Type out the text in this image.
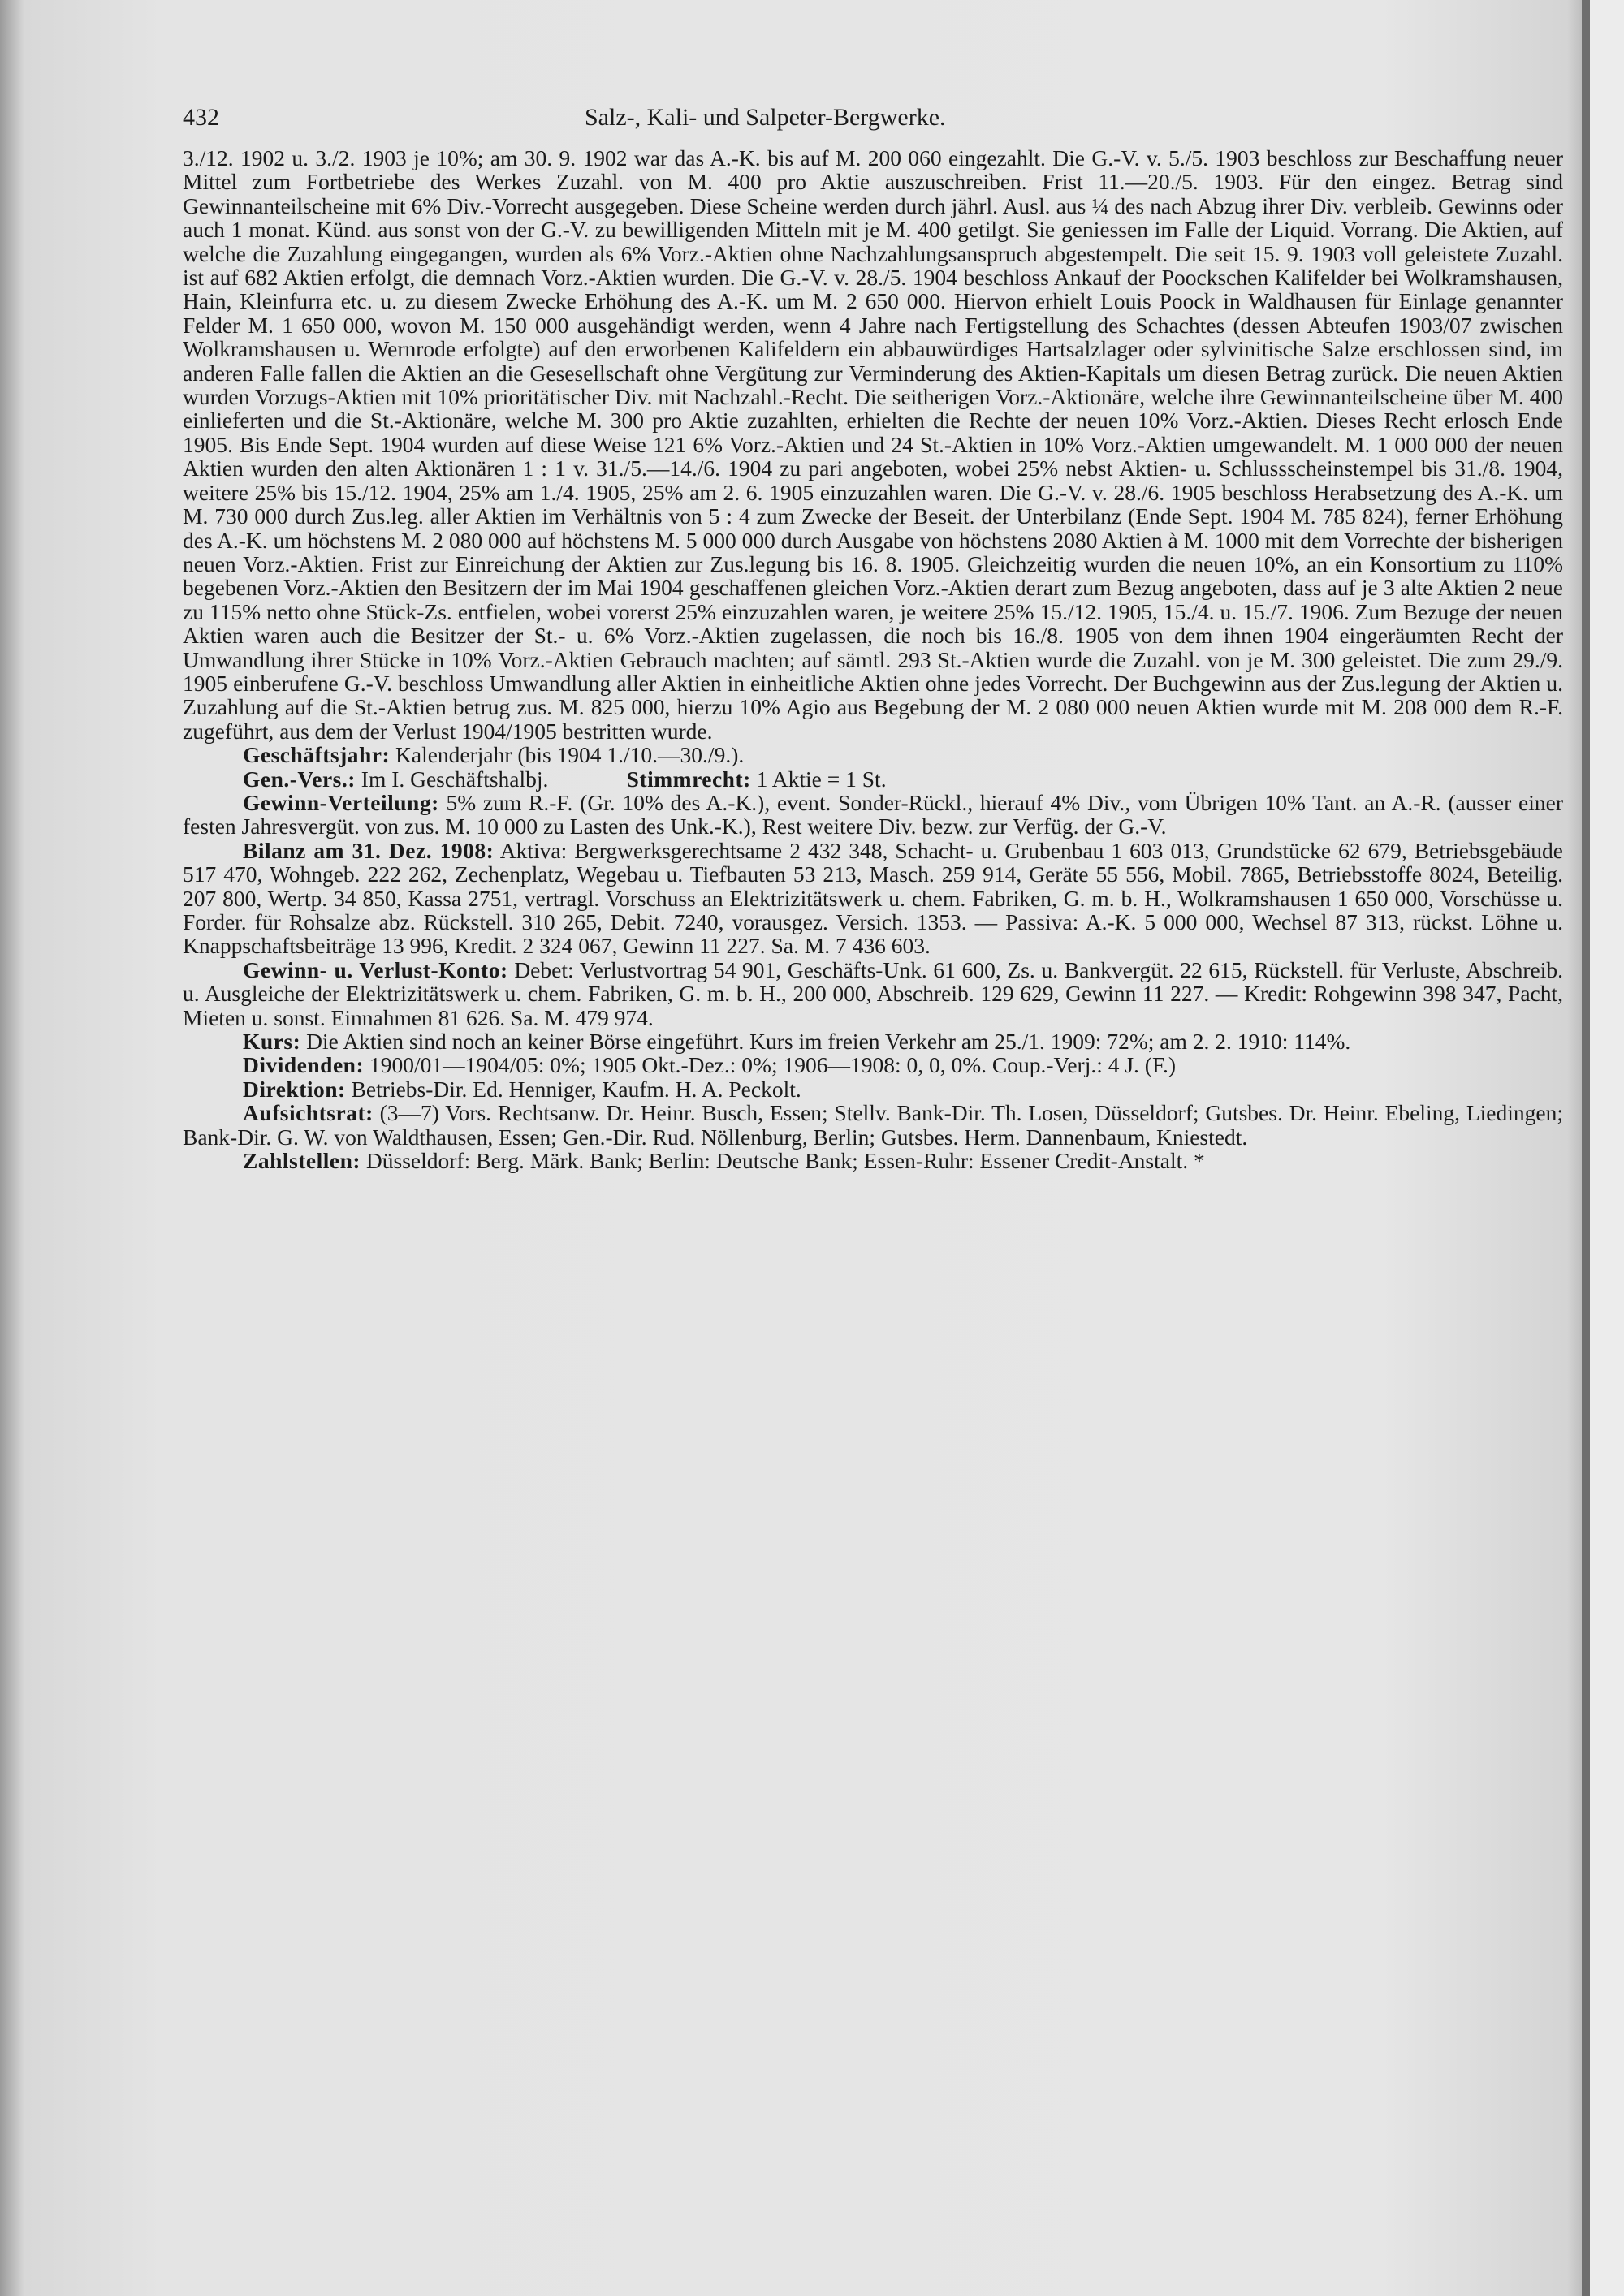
432	Salz-, Kali- und Salpeter-Bergwerke.

3./12. 1902 u. 3./2. 1903 je 10%; am 30. 9. 1902 war das A.-K. bis auf M. 200 060 eingezahlt. Die G.-V. v. 5./5. 1903 beschloss zur Beschaffung neuer Mittel zum Fortbetriebe des Werkes Zuzahl. von M. 400 pro Aktie auszuschreiben. Frist 11.—20./5. 1903. Für den eingez. Betrag sind Gewinnanteilscheine mit 6% Div.-Vorrecht ausgegeben. Diese Scheine werden durch jährl. Ausl. aus ¼ des nach Abzug ihrer Div. verbleib. Gewinns oder auch 1 monat. Künd. aus sonst von der G.-V. zu bewilligenden Mitteln mit je M. 400 getilgt. Sie geniessen im Falle der Liquid. Vorrang. Die Aktien, auf welche die Zuzahlung eingegangen, wurden als 6% Vorz.-Aktien ohne Nachzahlungsanspruch abgestempelt. Die seit 15. 9. 1903 voll geleistete Zuzahl. ist auf 682 Aktien erfolgt, die demnach Vorz.-Aktien wurden. Die G.-V. v. 28./5. 1904 beschloss Ankauf der Poockschen Kalifelder bei Wolkramshausen, Hain, Kleinfurra etc. u. zu diesem Zwecke Erhöhung des A.-K. um M. 2 650 000. Hiervon erhielt Louis Poock in Waldhausen für Einlage genannter Felder M. 1 650 000, wovon M. 150 000 ausgehändigt werden, wenn 4 Jahre nach Fertigstellung des Schachtes (dessen Abteufen 1903/07 zwischen Wolkramshausen u. Wernrode erfolgte) auf den erworbenen Kalifeldern ein abbauwürdiges Hartsalzlager oder sylvinitische Salze erschlossen sind, im anderen Falle fallen die Aktien an die Gesesellschaft ohne Vergütung zur Verminderung des Aktien-Kapitals um diesen Betrag zurück. Die neuen Aktien wurden Vorzugs-Aktien mit 10% prioritätischer Div. mit Nachzahl.-Recht. Die seitherigen Vorz.-Aktionäre, welche ihre Gewinnanteilscheine über M. 400 einlieferten und die St.-Aktionäre, welche M. 300 pro Aktie zuzahlten, erhielten die Rechte der neuen 10% Vorz.-Aktien. Dieses Recht erlosch Ende 1905. Bis Ende Sept. 1904 wurden auf diese Weise 121 6% Vorz.-Aktien und 24 St.-Aktien in 10% Vorz.-Aktien umgewandelt. M. 1 000 000 der neuen Aktien wurden den alten Aktionären 1 : 1 v. 31./5.—14./6. 1904 zu pari angeboten, wobei 25% nebst Aktien- u. Schlussscheinstempel bis 31./8. 1904, weitere 25% bis 15./12. 1904, 25% am 1./4. 1905, 25% am 2. 6. 1905 einzuzahlen waren. Die G.-V. v. 28./6. 1905 beschloss Herabsetzung des A.-K. um M. 730 000 durch Zus.leg. aller Aktien im Verhältnis von 5 : 4 zum Zwecke der Beseit. der Unterbilanz (Ende Sept. 1904 M. 785 824), ferner Erhöhung des A.-K. um höchstens M. 2 080 000 auf höchstens M. 5 000 000 durch Ausgabe von höchstens 2080 Aktien à M. 1000 mit dem Vorrechte der bisherigen neuen Vorz.-Aktien. Frist zur Einreichung der Aktien zur Zus.legung bis 16. 8. 1905. Gleichzeitig wurden die neuen 10%, an ein Konsortium zu 110% begebenen Vorz.-Aktien den Besitzern der im Mai 1904 geschaffenen gleichen Vorz.-Aktien derart zum Bezug angeboten, dass auf je 3 alte Aktien 2 neue zu 115% netto ohne Stück-Zs. entfielen, wobei vorerst 25% einzuzahlen waren, je weitere 25% 15./12. 1905, 15./4. u. 15./7. 1906. Zum Bezuge der neuen Aktien waren auch die Besitzer der St.- u. 6% Vorz.-Aktien zugelassen, die noch bis 16./8. 1905 von dem ihnen 1904 eingeräumten Recht der Umwandlung ihrer Stücke in 10% Vorz.-Aktien Gebrauch machten; auf sämtl. 293 St.-Aktien wurde die Zuzahl. von je M. 300 geleistet. Die zum 29./9. 1905 einberufene G.-V. beschloss Umwandlung aller Aktien in einheitliche Aktien ohne jedes Vorrecht. Der Buchgewinn aus der Zus.legung der Aktien u. Zuzahlung auf die St.-Aktien betrug zus. M. 825 000, hierzu 10% Agio aus Begebung der M. 2 080 000 neuen Aktien wurde mit M. 208 000 dem R.-F. zugeführt, aus dem der Verlust 1904/1905 bestritten wurde.

Geschäftsjahr: Kalenderjahr (bis 1904 1./10.—30./9.).

Gen.-Vers.: Im I. Geschäftshalbj.	Stimmrecht: 1 Aktie = 1 St.

Gewinn-Verteilung: 5% zum R.-F. (Gr. 10% des A.-K.), event. Sonder-Rückl., hierauf 4% Div., vom Übrigen 10% Tant. an A.-R. (ausser einer festen Jahresvergüt. von zus. M. 10 000 zu Lasten des Unk.-K.), Rest weitere Div. bezw. zur Verfüg. der G.-V.

Bilanz am 31. Dez. 1908: Aktiva: Bergwerksgerechtsame 2 432 348, Schacht- u. Grubenbau 1 603 013, Grundstücke 62 679, Betriebsgebäude 517 470, Wohngeb. 222 262, Zechenplatz, Wegebau u. Tiefbauten 53 213, Masch. 259 914, Geräte 55 556, Mobil. 7865, Betriebsstoffe 8024, Beteilig. 207 800, Wertp. 34 850, Kassa 2751, vertragl. Vorschuss an Elektrizitätswerk u. chem. Fabriken, G. m. b. H., Wolkramshausen 1 650 000, Vorschüsse u. Forder. für Rohsalze abz. Rückstell. 310 265, Debit. 7240, vorausgez. Versich. 1353. — Passiva: A.-K. 5 000 000, Wechsel 87 313, rückst. Löhne u. Knappschaftsbeiträge 13 996, Kredit. 2 324 067, Gewinn 11 227. Sa. M. 7 436 603.

Gewinn- u. Verlust-Konto: Debet: Verlustvortrag 54 901, Geschäfts-Unk. 61 600, Zs. u. Bankvergüt. 22 615, Rückstell. für Verluste, Abschreib. u. Ausgleiche der Elektrizitätswerk u. chem. Fabriken, G. m. b. H., 200 000, Abschreib. 129 629, Gewinn 11 227. — Kredit: Rohgewinn 398 347, Pacht, Mieten u. sonst. Einnahmen 81 626. Sa. M. 479 974.

Kurs: Die Aktien sind noch an keiner Börse eingeführt. Kurs im freien Verkehr am 25./1. 1909: 72%; am 2. 2. 1910: 114%.

Dividenden: 1900/01—1904/05: 0%; 1905 Okt.-Dez.: 0%; 1906—1908: 0, 0, 0%. Coup.-Verj.: 4 J. (F.)

Direktion: Betriebs-Dir. Ed. Henniger, Kaufm. H. A. Peckolt.

Aufsichtsrat: (3—7) Vors. Rechtsanw. Dr. Heinr. Busch, Essen; Stellv. Bank-Dir. Th. Losen, Düsseldorf; Gutsbes. Dr. Heinr. Ebeling, Liedingen; Bank-Dir. G. W. von Waldthausen, Essen; Gen.-Dir. Rud. Nöllenburg, Berlin; Gutsbes. Herm. Dannenbaum, Kniestedt.

Zahlstellen: Düsseldorf: Berg. Märk. Bank; Berlin: Deutsche Bank; Essen-Ruhr: Essener Credit-Anstalt. *
